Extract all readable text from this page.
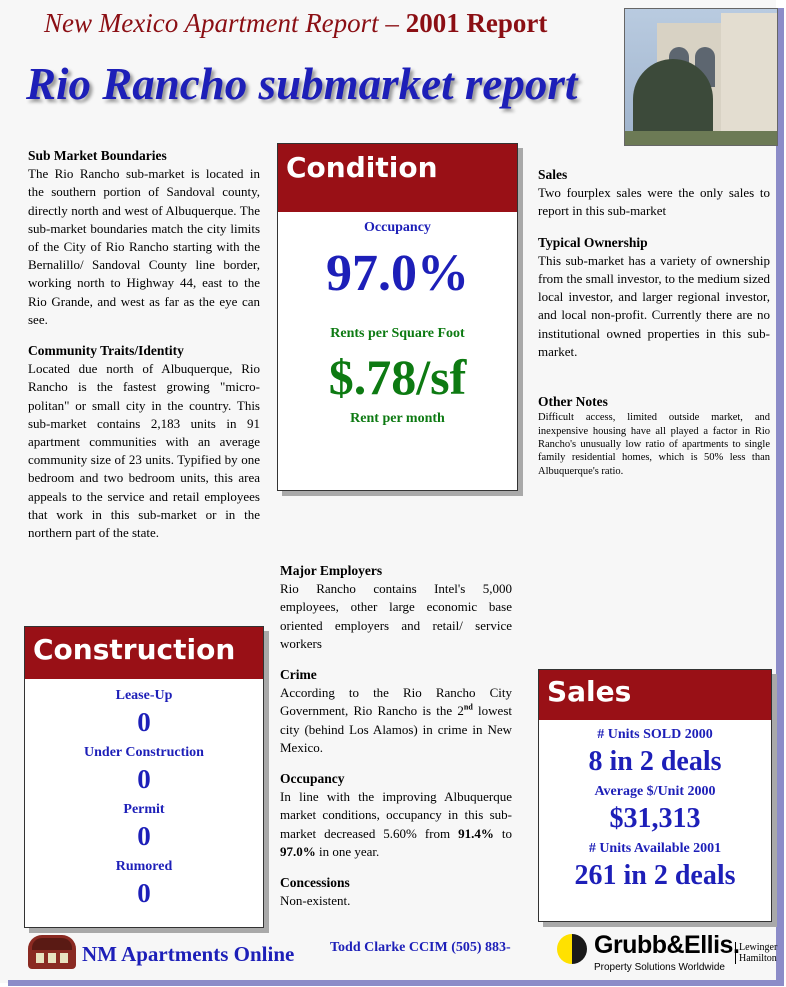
New Mexico Apartment Report – 2001 Report
Rio Rancho submarket report
Sub Market Boundaries

The Rio Rancho sub-market is located in the southern portion of Sandoval county, directly north and west of Albuquerque. The sub-market boundaries match the city limits of the City of Rio Rancho starting with the Bernalillo/ Sandoval County line border, working north to Highway 44, east to the Rio Grande, and west as far as the eye can see.

Community Traits/Identity

Located due north of Albuquerque, Rio Rancho is the fastest growing "micro-politan" or small city in the country. This sub-market contains 2,183 units in 91 apartment communities with an average community size of 23 units. Typified by one bedroom and two bedroom units, this area appeals to the service and retail employees that work in this sub-market or in the northern part of the state.

Condition
Occupancy
97.0%
Rents per Square Foot
$.78/sf
Rent per month
Sales

Two fourplex sales were the only sales to report in this sub-market

Typical Ownership

This sub-market has a variety of ownership from the small investor, to the medium sized local investor, and larger regional investor, and local non-profit. Currently there are no institutional owned properties in this sub-market.

Other Notes

Difficult access, limited outside market, and inexpensive housing have all played a factor in Rio Rancho's unusually low ratio of apartments to single family residential homes, which is 50% less than Albuquerque's ratio.

Major Employers

Rio Rancho contains Intel's 5,000 employees, other large economic base oriented employers and retail/ service workers

Crime

According to the Rio Rancho City Government, Rio Rancho is the 2nd lowest city (behind Los Alamos) in crime in New Mexico.

Occupancy

In line with the improving Albuquerque market conditions, occupancy in this sub-market decreased 5.60% from 91.4% to 97.0% in one year.

Concessions

Non-existent.

Construction
Lease-Up
0
Under Construction
0
Permit
0
Rumored
0
Sales
# Units SOLD 2000
8 in 2 deals
Average $/Unit 2000
$31,313
# Units Available 2001
261 in 2 deals
NM Apartments Online	Todd Clarke CCIM (505) 883-	Grubb&Ellis.
Property Solutions Worldwide
Lewinger Hamilton
